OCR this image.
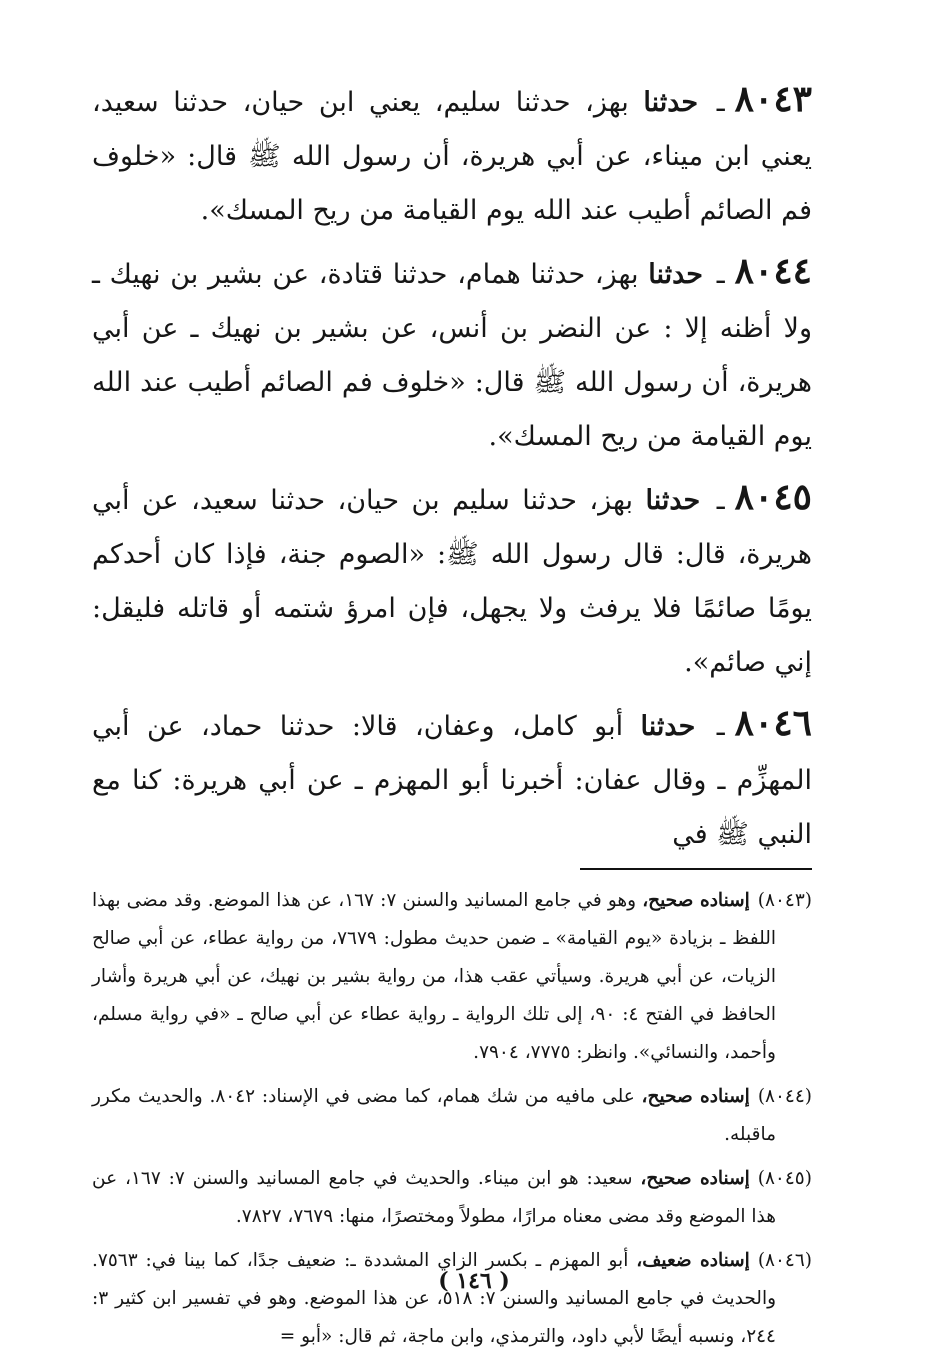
٨٠٤٣ـ حدثنا بهز، حدثنا سليم، يعني ابن حيان، حدثنا سعيد، يعني ابن ميناء، عن أبي هريرة، أن رسول الله ﷺ قال: «خلوف فم الصائم أطيب عند الله يوم القيامة من ريح المسك».

٨٠٤٤ـ حدثنا بهز، حدثنا همام، حدثنا قتادة، عن بشير بن نهيك ـ ولا أظنه إلا : عن النضر بن أنس، عن بشير بن نهيك ـ عن أبي هريرة، أن رسول الله ﷺ قال: «خلوف فم الصائم أطيب عند الله يوم القيامة من ريح المسك».

٨٠٤٥ـ حدثنا بهز، حدثنا سليم بن حيان، حدثنا سعيد، عن أبي هريرة، قال: قال رسول الله ﷺ: «الصوم جنة، فإذا كان أحدكم يومًا صائمًا فلا يرفث ولا يجهل، فإن امرؤ شتمه أو قاتله فليقل: إني صائم».

٨٠٤٦ـ حدثنا أبو كامل، وعفان، قالا: حدثنا حماد، عن أبي المهزِّم ـ وقال عفان: أخبرنا أبو المهزم ـ عن أبي هريرة: كنا مع النبي ﷺ في

(٨٠٤٣)إسناده صحيح، وهو في جامع المسانيد والسنن ٧: ١٦٧، عن هذا الموضع. وقد مضى بهذا اللفظ ـ بزيادة «يوم القيامة» ـ ضمن حديث مطول: ٧٦٧٩، من رواية عطاء، عن أبي صالح الزيات، عن أبي هريرة. وسيأتي عقب هذا، من رواية بشير بن نهيك، عن أبي هريرة وأشار الحافظ في الفتح ٤: ٩٠، إلى تلك الرواية ـ رواية عطاء عن أبي صالح ـ «في رواية مسلم، وأحمد، والنسائي». وانظر: ٧٧٧٥، ٧٩٠٤.

(٨٠٤٤)إسناده صحيح، على مافيه من شك همام، كما مضى في الإسناد: ٨٠٤٢. والحديث مكرر ماقبله.

(٨٠٤٥)إسناده صحيح، سعيد: هو ابن ميناء. والحديث في جامع المسانيد والسنن ٧: ١٦٧، عن هذا الموضع وقد مضى معناه مرارًا، مطولاً ومختصرًا، منها: ٧٦٧٩، ٧٨٢٧.

(٨٠٤٦)إسناده ضعيف، أبو المهزم ـ بكسر الزاي المشددة ـ: ضعيف جدًا، كما بينا في: ٧٥٦٣. والحديث في جامع المسانيد والسنن ٧: ٥١٨، عن هذا الموضع. وهو في تفسير ابن كثير ٣: ٢٤٤، ونسبه أيضًا لأبي داود، والترمذي، وابن ماجة، ثم قال: «أبو =

( ١٤٦ )
